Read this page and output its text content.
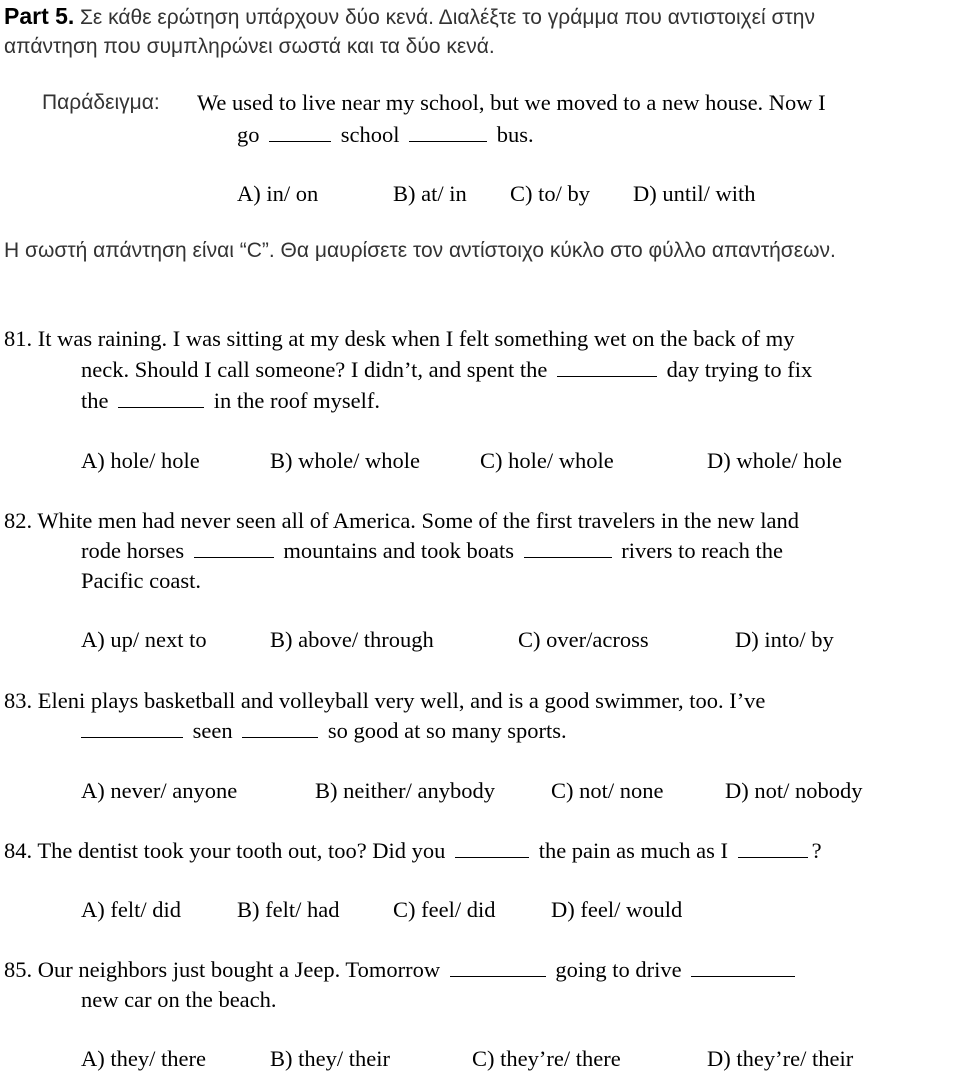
Part 5. Σε κάθε ερώτηση υπάρχουν δύο κενά. Διαλέξτε το γράμμα που αντιστοιχεί στην
απάντηση που συμπληρώνει σωστά και τα δύο κενά.
Παράδειγμα: We used to live near my school, but we moved to a new house. Now I
go	school	bus.
A) in/ on	B) at/ in C) to/ by D) until/ with
Η σωστή απάντηση είναι “C”. Θα μαυρίσετε τον αντίστοιχο κύκλο στο φύλλο απαντήσεων.
81. It was raining. I was sitting at my desk when I felt something wet on the back of my
neck. Should I call someone? I didn’t, and spent the	day trying to fix
the	in the roof myself.
A) hole/ hole	B) whole/ whole	C) hole/ whole	D) whole/ hole
82. White men had never seen all of America. Some of the first travelers in the new land
rode horses	mountains and took boats	rivers to reach the
Pacific coast.
A) up/ next to	B) above/ through	C) over/across	D) into/ by
83. Eleni plays basketball and volleyball very well, and is a good swimmer, too. I’ve
seen	so good at so many sports.
A) never/ anyone	B) neither/ anybody C) not/ none	D) not/ nobody
84. The dentist took your tooth out, too? Did you	the pain as much as I	?
A) felt/ did B) felt/ had C) feel/ did D) feel/ would
85. Our neighbors just bought a Jeep. Tomorrow	going to drive
new car on the beach.
A) they/ there	B) they/ their	C) they’re/ there	D) they’re/ their
